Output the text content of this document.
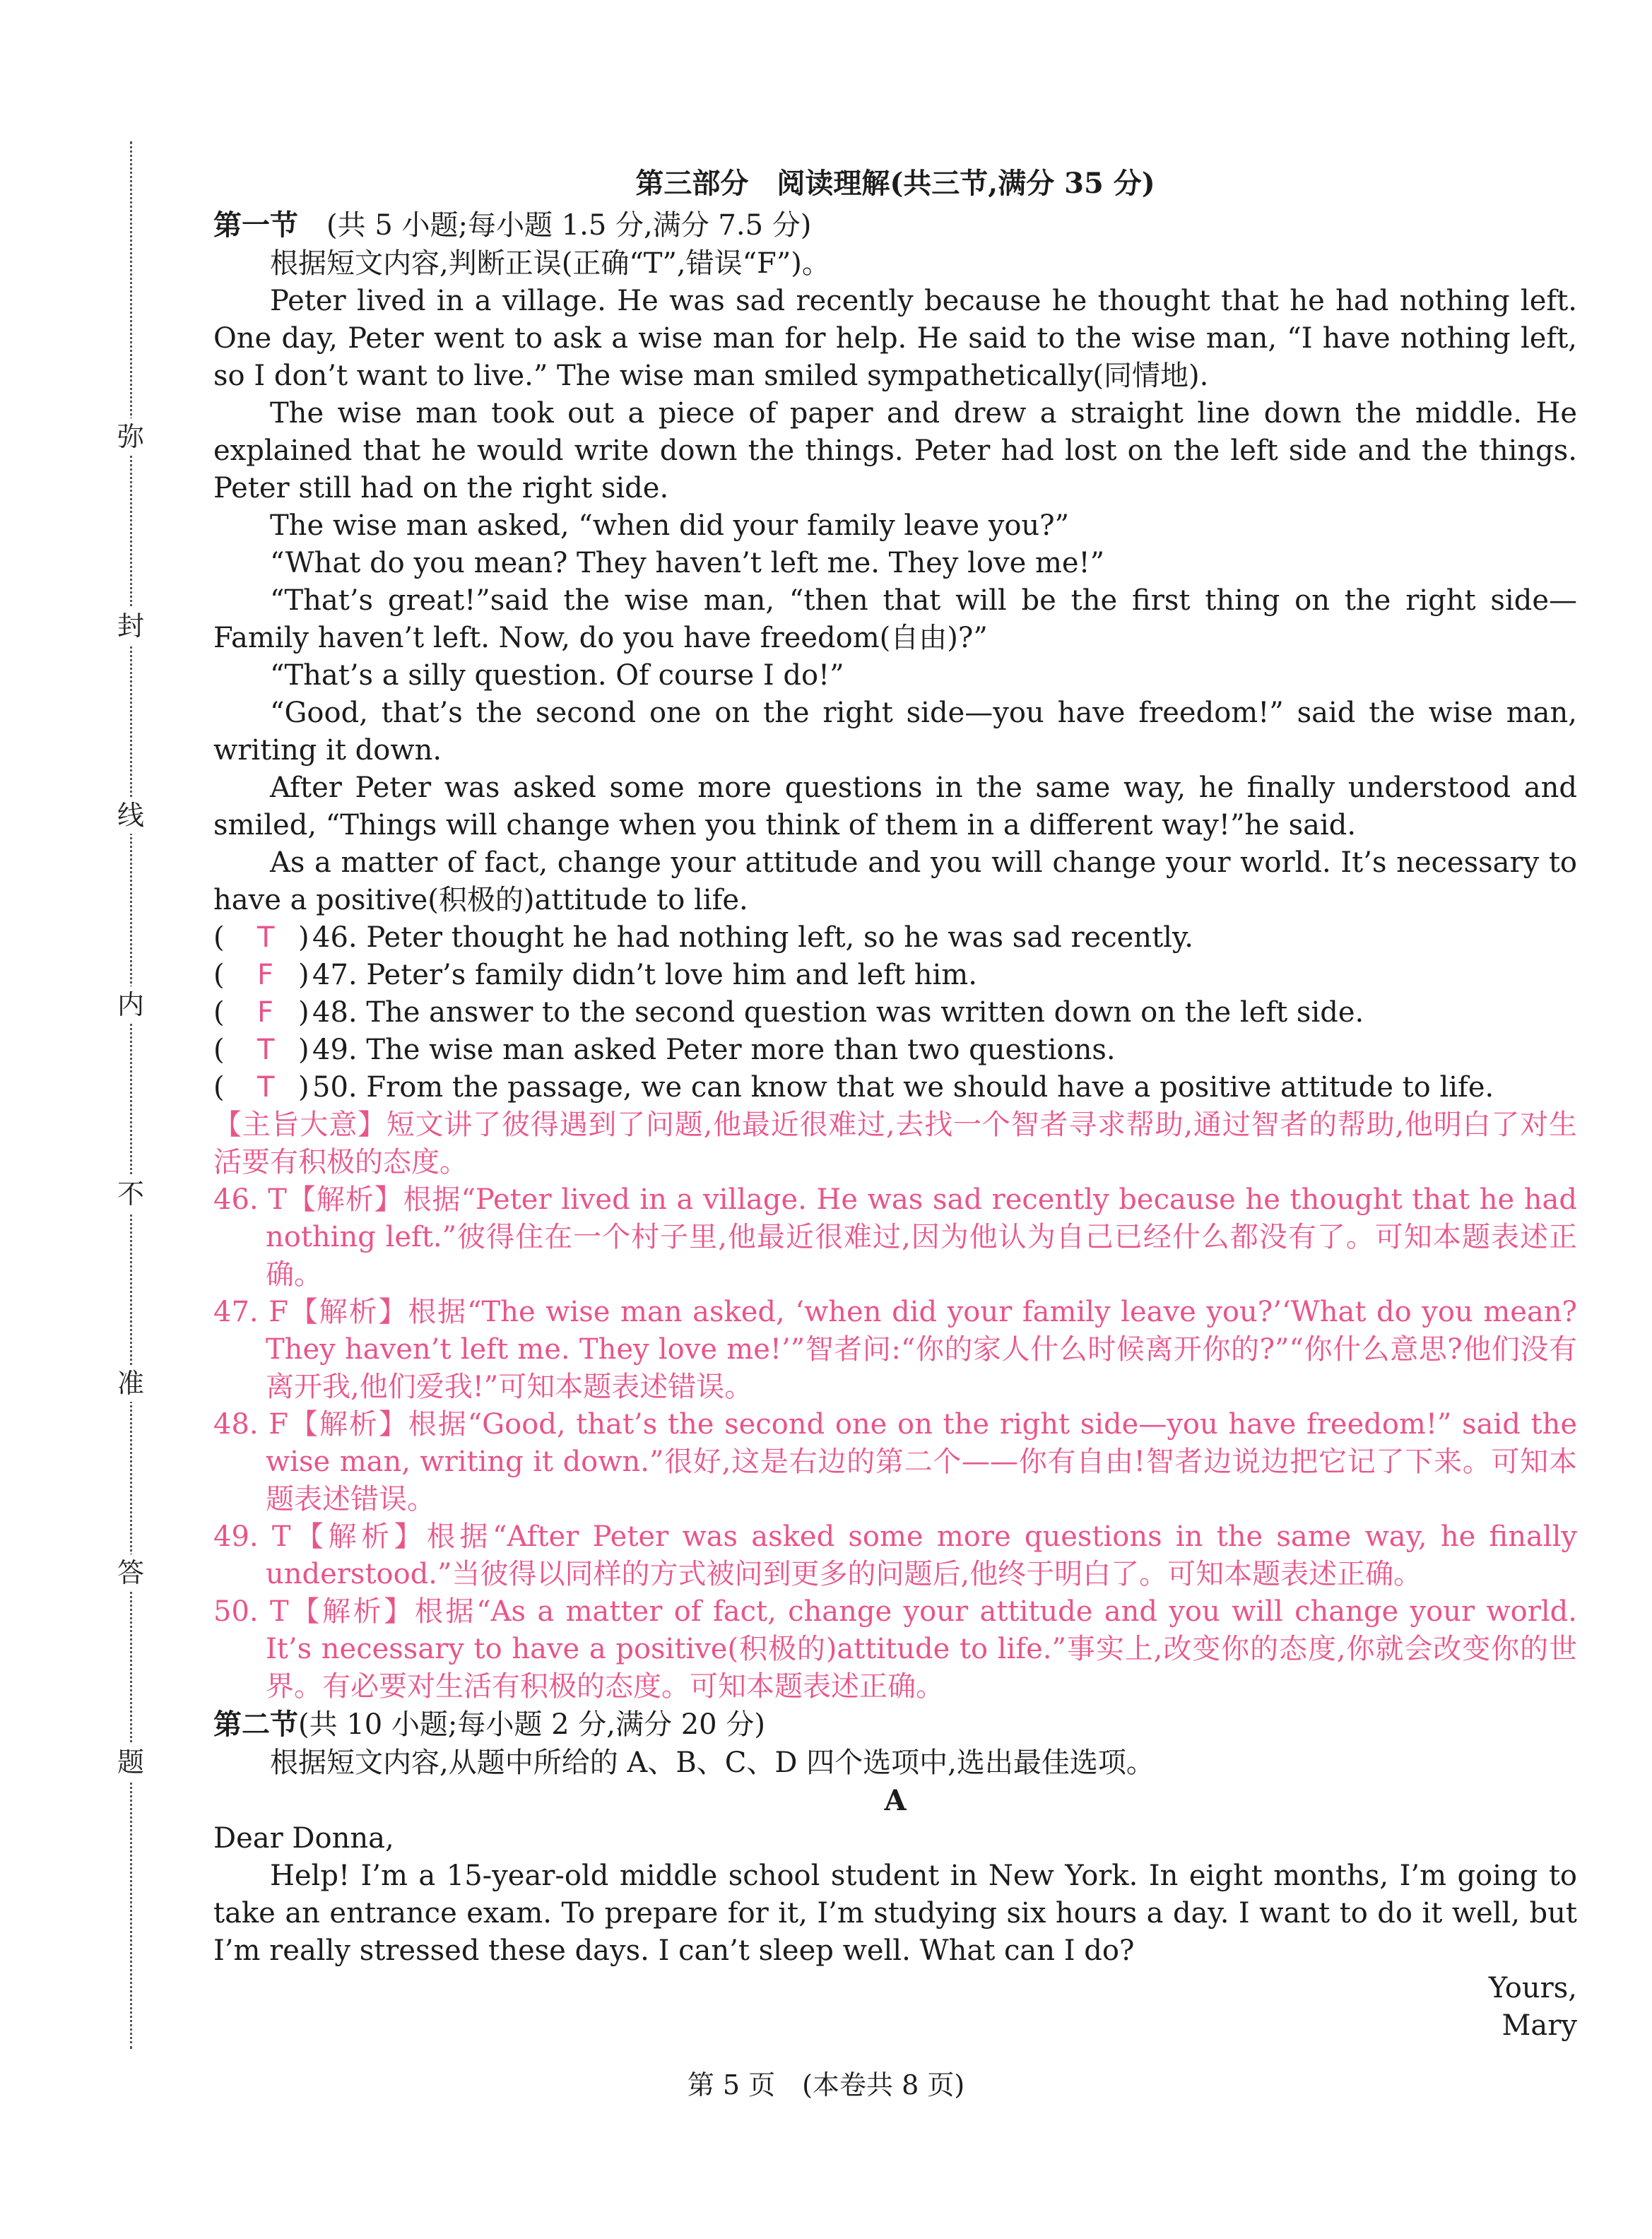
弥
封
线
内
不
准
答
题
第三部分　阅读理解(共三节,满分 35 分)
第一节　(共 5 小题;每小题 1.5 分,满分 7.5 分)

根据短文内容,判断正误(正确“T”,错误“F”)。

Peter lived in a village. He was sad recently because he thought that he had nothing left. One day, Peter went to ask a wise man for help. He said to the wise man, “I have nothing left, so I don’t want to live.” The wise man smiled sympathetically(同情地).

The wise man took out a piece of paper and drew a straight line down the middle. He explained that he would write down the things. Peter had lost on the left side and the things. Peter still had on the right side.

The wise man asked, “when did your family leave you?”

“What do you mean? They haven’t left me. They love me!”

“That’s great!”said the wise man, “then that will be the first thing on the right side—Family haven’t left. Now, do you have freedom(自由)?”

“That’s a silly question. Of course I do!”

“Good, that’s the second one on the right side—you have freedom!” said the wise man, writing it down.

After Peter was asked some more questions in the same way, he finally understood and smiled, “Things will change when you think of them in a different way!”he said.

As a matter of fact, change your attitude and you will change your world. It’s necessary to have a positive(积极的)attitude to life.

( T ) 46. Peter thought he had nothing left, so he was sad recently.
( F ) 47. Peter’s family didn’t love him and left him.
( F ) 48. The answer to the second question was written down on the left side.
( T ) 49. The wise man asked Peter more than two questions.
( T ) 50. From the passage, we can know that we should have a positive attitude to life.

【主旨大意】短文讲了彼得遇到了问题,他最近很难过,去找一个智者寻求帮助,通过智者的帮助,他明白了对生活要有积极的态度。

46. T【解析】根据“Peter lived in a village. He was sad recently because he thought that he had nothing left.”彼得住在一个村子里,他最近很难过,因为他认为自己已经什么都没有了。可知本题表述正确。

47. F【解析】根据“The wise man asked, ‘when did your family leave you?’‘What do you mean? They haven’t left me. They love me!’”智者问:“你的家人什么时候离开你的?”“你什么意思?他们没有离开我,他们爱我!”可知本题表述错误。

48. F【解析】根据“Good, that’s the second one on the right side—you have freedom!” said the wise man, writing it down.”很好,这是右边的第二个——你有自由!智者边说边把它记了下来。可知本题表述错误。

49. T【解析】根据“After Peter was asked some more questions in the same way, he finally understood.”当彼得以同样的方式被问到更多的问题后,他终于明白了。可知本题表述正确。

50. T【解析】根据“As a matter of fact, change your attitude and you will change your world. It’s necessary to have a positive(积极的)attitude to life.”事实上,改变你的态度,你就会改变你的世界。有必要对生活有积极的态度。可知本题表述正确。

第二节(共 10 小题;每小题 2 分,满分 20 分)

根据短文内容,从题中所给的 A、B、C、D 四个选项中,选出最佳选项。

A

Dear Donna,

Help! I’m a 15-year-old middle school student in New York. In eight months, I’m going to take an entrance exam. To prepare for it, I’m studying six hours a day. I want to do it well, but I’m really stressed these days. I can’t sleep well. What can I do?

Yours,

Mary

第 5 页　(本卷共 8 页)
